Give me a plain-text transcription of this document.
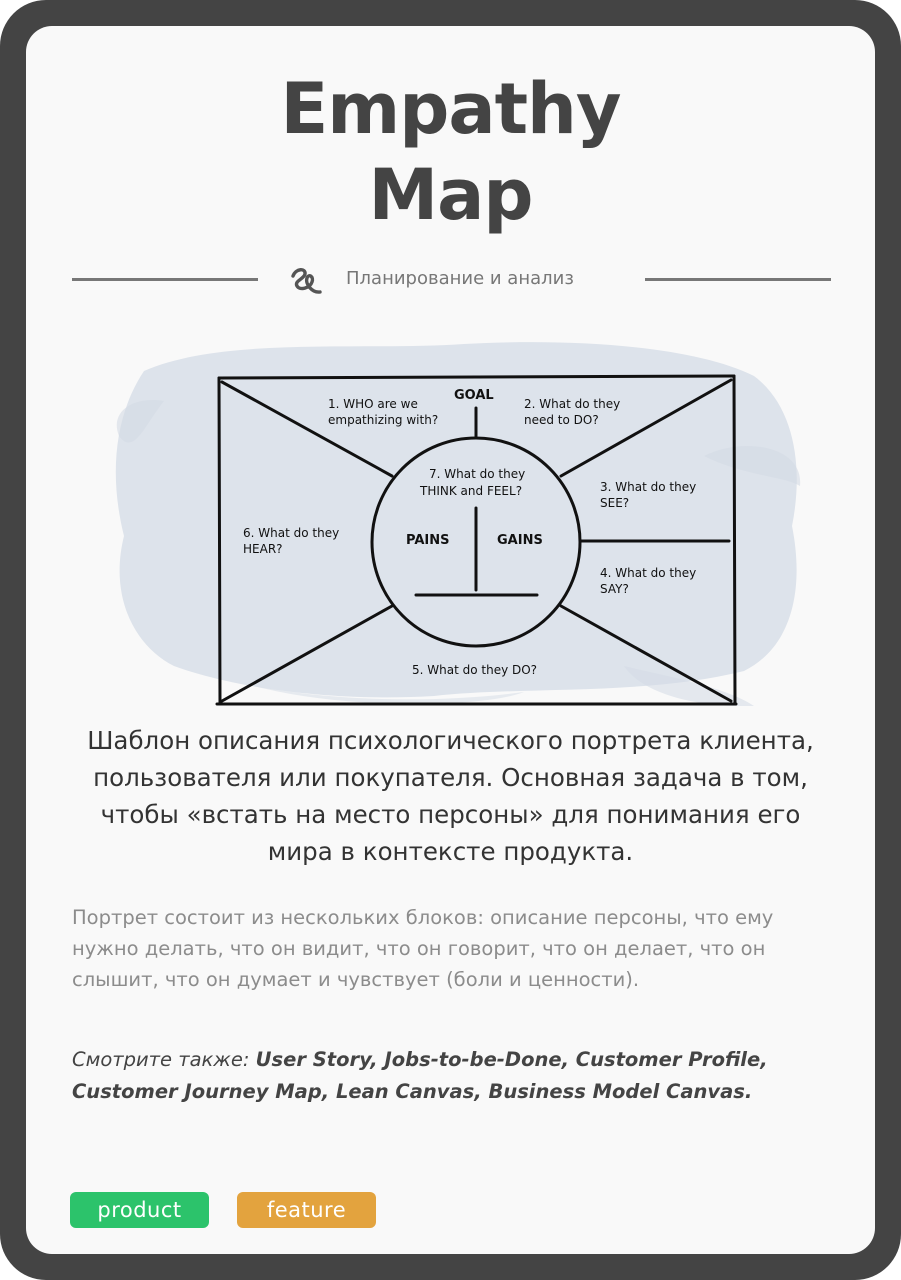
Empathy
Map
Планирование и анализ
GOAL
1. WHO are we
empathizing with?
2. What do they
need to DO?
7. What do they
THINK and FEEL?	3. What do they
SEE?
6. What do they
HEAR?
PAINS	GAINS
4. What do they
SAY?
5. What do they DO?
Шаблон описания психологического портрета клиента, пользователя или покупателя. Основная задача в том, чтобы «встать на место персоны» для понимания его мира в контексте продукта.
Портрет состоит из нескольких блоков: описание персоны, что ему нужно делать, что он видит, что он говорит, что он делает, что он слышит, что он думает и чувствует (боли и ценности).
Смотрите также: User Story, Jobs-to-be-Done, Customer Profile, Customer Journey Map, Lean Canvas, Business Model Canvas.
product	feature
